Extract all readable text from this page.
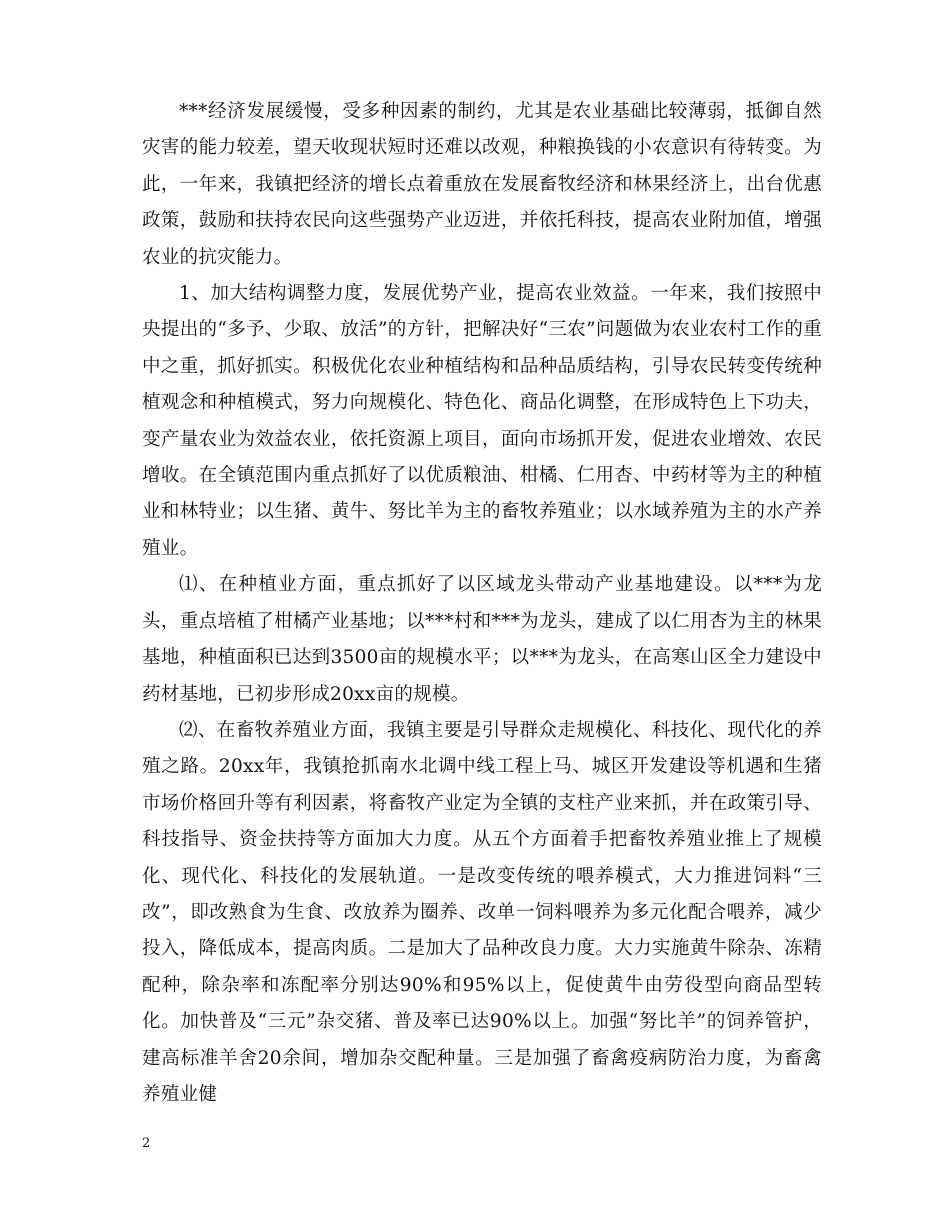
***经济发展缓慢，受多种因素的制约，尤其是农业基础比较薄弱，抵御自然灾害的能力较差，望天收现状短时还难以改观，种粮换钱的小农意识有待转变。为此，一年来，我镇把经济的增长点着重放在发展畜牧经济和林果经济上，出台优惠政策，鼓励和扶持农民向这些强势产业迈进，并依托科技，提高农业附加值，增强农业的抗灾能力。

1、加大结构调整力度，发展优势产业，提高农业效益。一年来，我们按照中央提出的“多予、少取、放活”的方针，把解决好“三农”问题做为农业农村工作的重中之重，抓好抓实。积极优化农业种植结构和品种品质结构，引导农民转变传统种植观念和种植模式，努力向规模化、特色化、商品化调整，在形成特色上下功夫，变产量农业为效益农业，依托资源上项目，面向市场抓开发，促进农业增效、农民增收。在全镇范围内重点抓好了以优质粮油、柑橘、仁用杏、中药材等为主的种植业和林特业；以生猪、黄牛、努比羊为主的畜牧养殖业；以水域养殖为主的水产养殖业。

⑴、在种植业方面，重点抓好了以区域龙头带动产业基地建设。以***为龙头，重点培植了柑橘产业基地；以***村和***为龙头，建成了以仁用杏为主的林果基地，种植面积已达到3500亩的规模水平；以***为龙头，在高寒山区全力建设中药材基地，已初步形成20xx亩的规模。

⑵、在畜牧养殖业方面，我镇主要是引导群众走规模化、科技化、现代化的养殖之路。20xx年，我镇抢抓南水北调中线工程上马、城区开发建设等机遇和生猪市场价格回升等有利因素，将畜牧产业定为全镇的支柱产业来抓，并在政策引导、科技指导、资金扶持等方面加大力度。从五个方面着手把畜牧养殖业推上了规模化、现代化、科技化的发展轨道。一是改变传统的喂养模式，大力推进饲料“三改”，即改熟食为生食、改放养为圈养、改单一饲料喂养为多元化配合喂养，减少投入，降低成本，提高肉质。二是加大了品种改良力度。大力实施黄牛除杂、冻精配种，除杂率和冻配率分别达90%和95%以上，促使黄牛由劳役型向商品型转化。加快普及“三元”杂交猪、普及率已达90%以上。加强“努比羊”的饲养管护，建高标准羊舍20余间，增加杂交配种量。三是加强了畜禽疫病防治力度，为畜禽养殖业健

2
